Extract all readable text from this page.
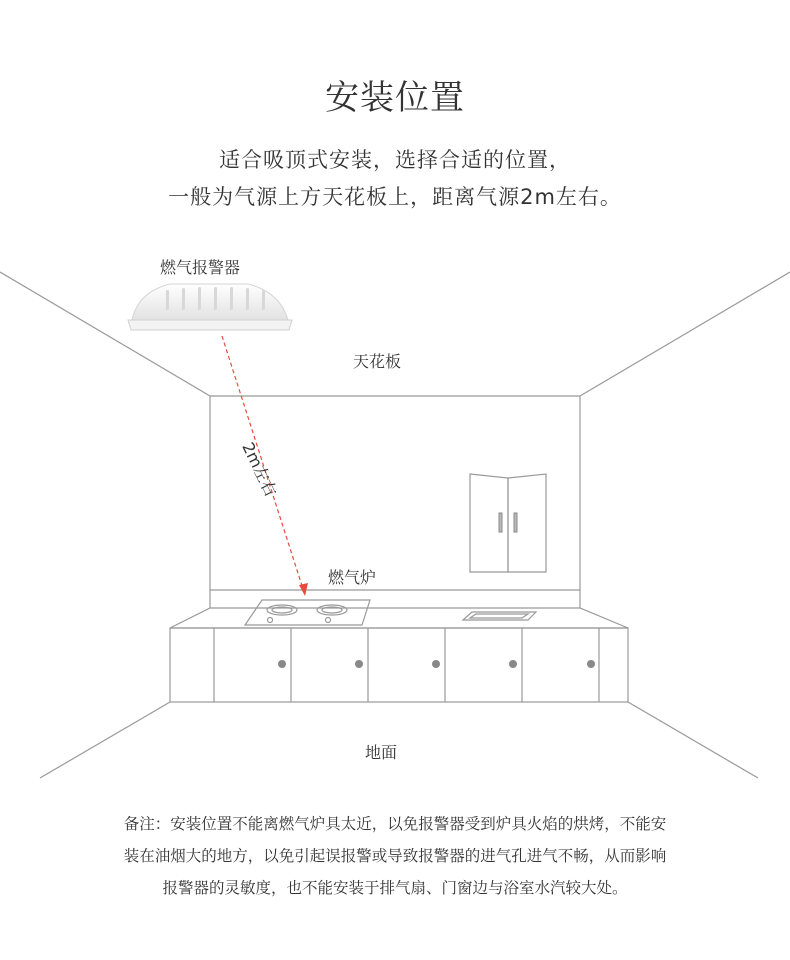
安装位置
适合吸顶式安装，选择合适的位置，
一般为气源上方天花板上，距离气源2m左右。
燃气报警器
天花板
2m左右
燃气炉
地面
备注：安装位置不能离燃气炉具太近，以免报警器受到炉具火焰的烘烤，不能安
装在油烟大的地方，以免引起误报警或导致报警器的进气孔进气不畅，从而影响
报警器的灵敏度，也不能安装于排气扇、门窗边与浴室水汽较大处。
